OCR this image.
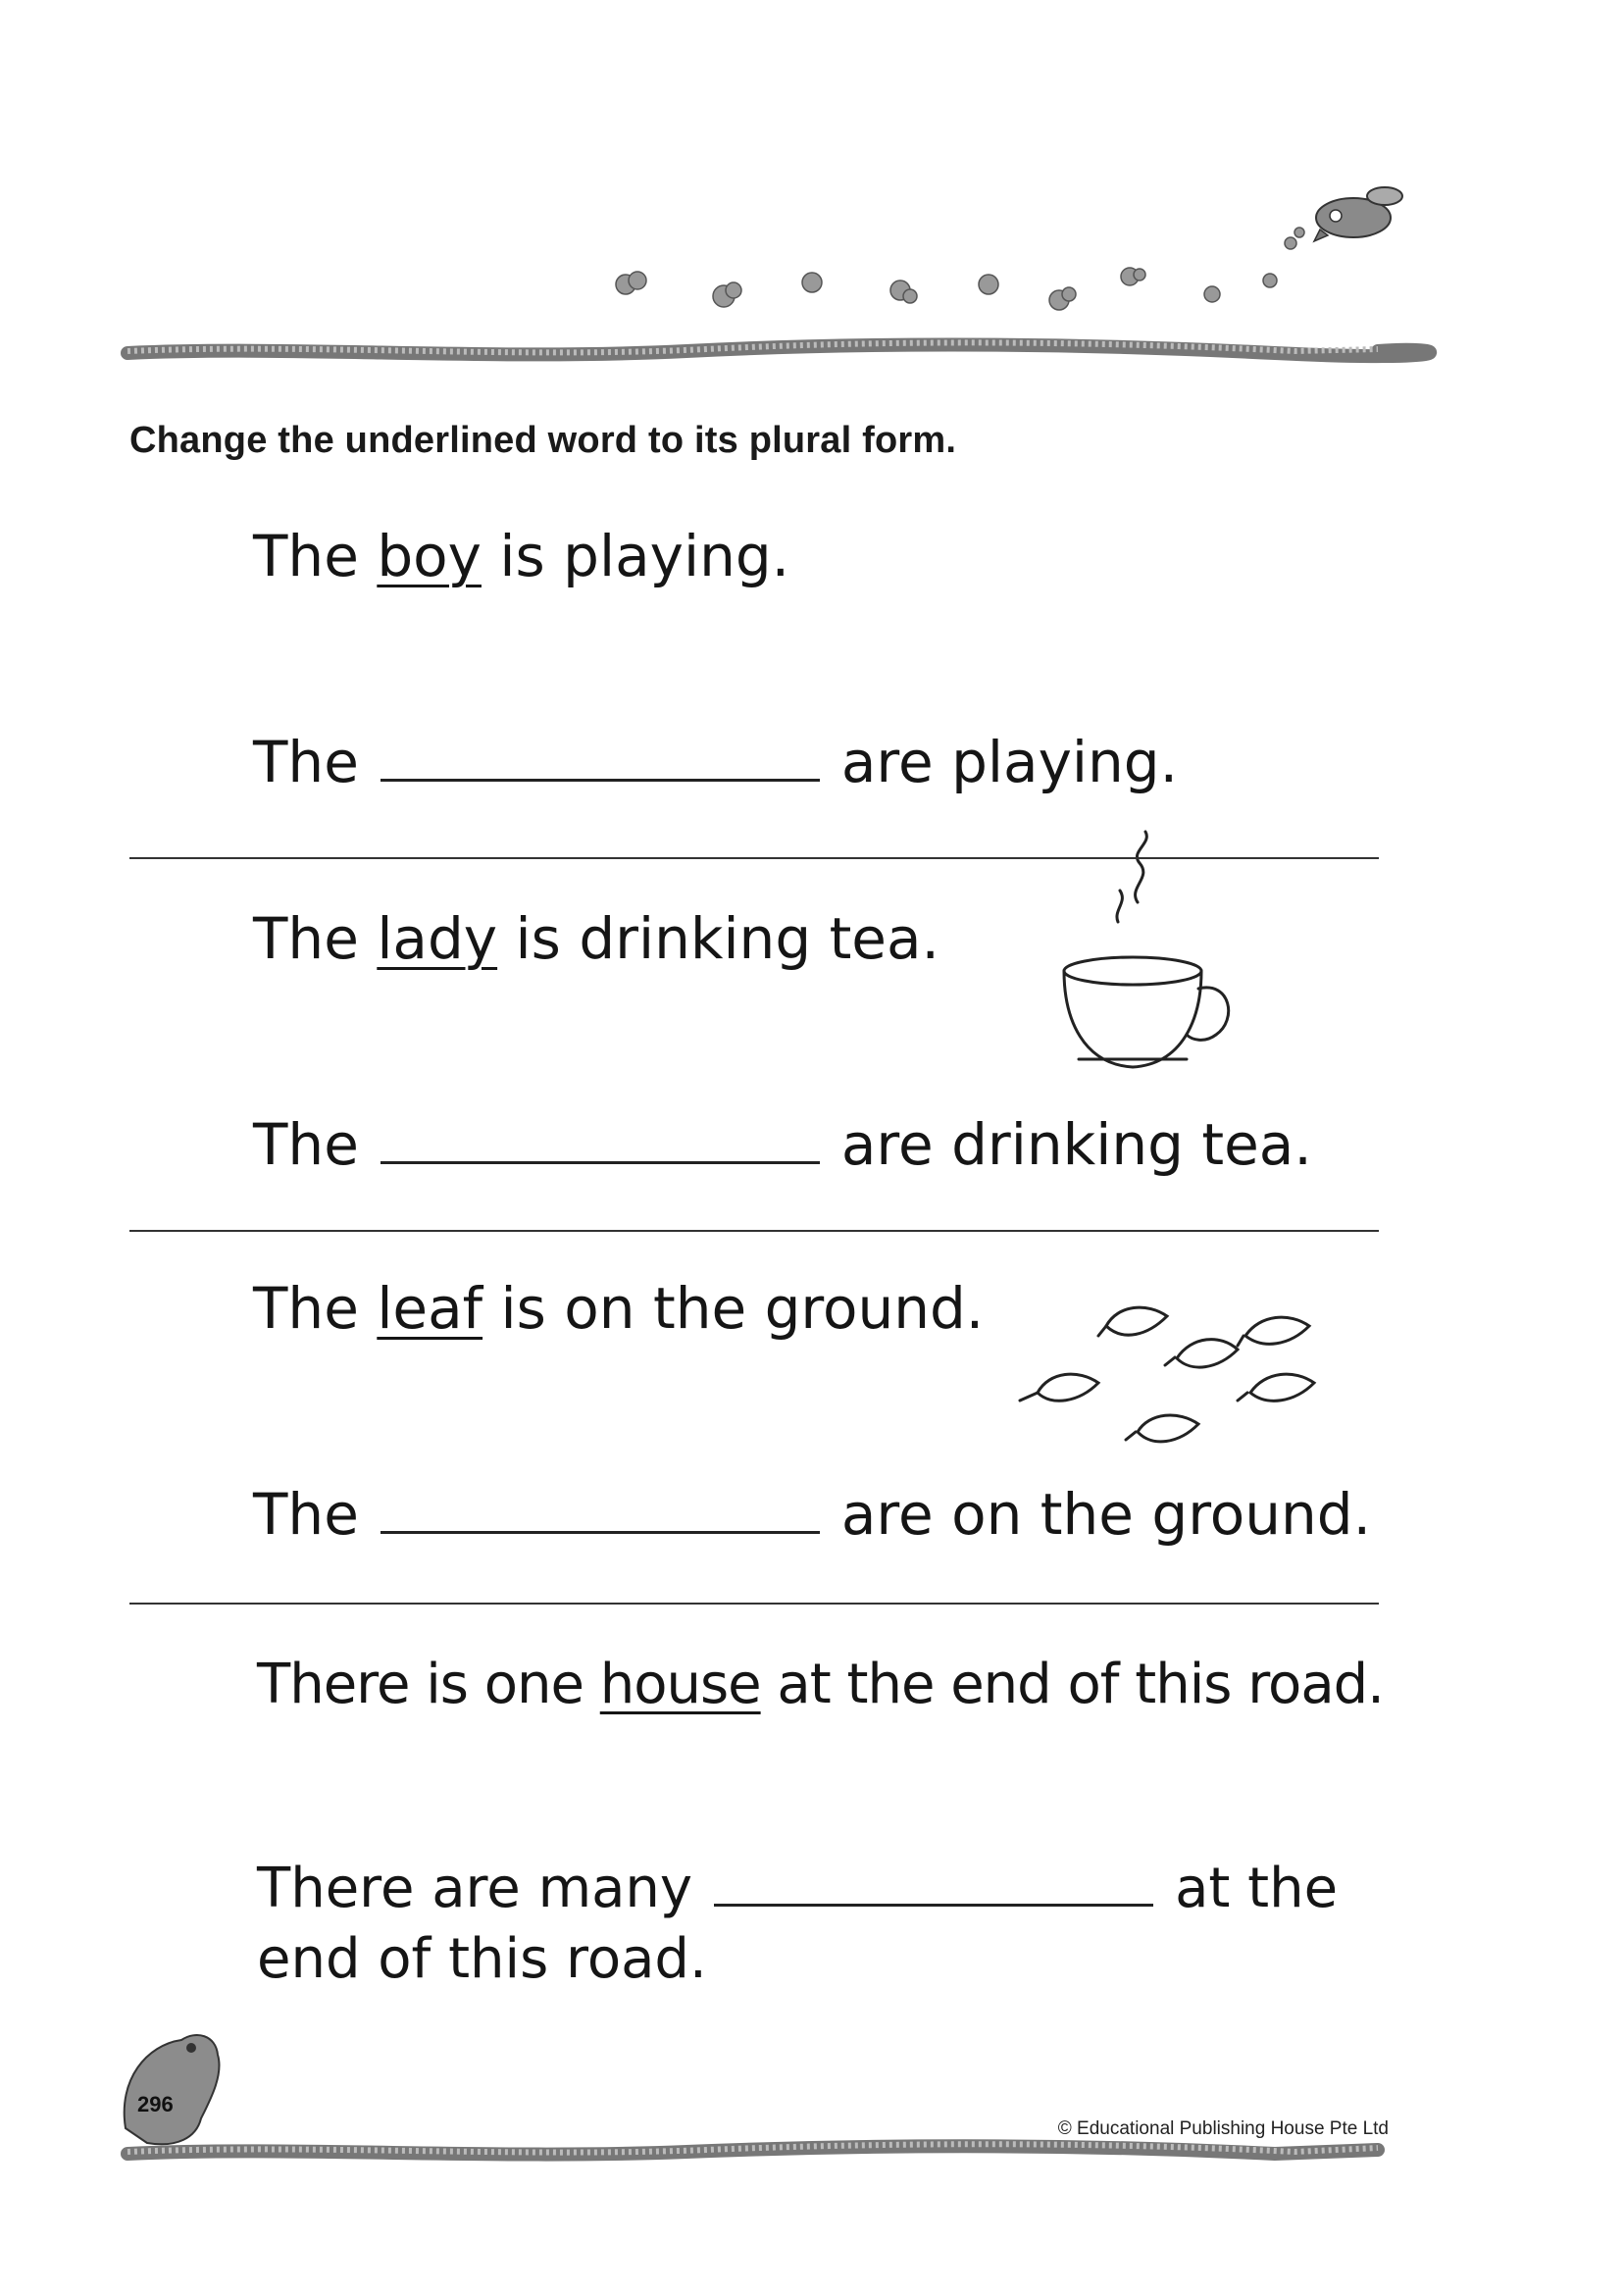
Change the underlined word to its plural form.
The boy is playing.
The	are playing.
The lady is drinking tea.
The	are drinking tea.
The leaf is on the ground.
The	are on the ground.
There is one house at the end of this road.
There are many	at the
end of this road.
296
© Educational Publishing House Pte Ltd
